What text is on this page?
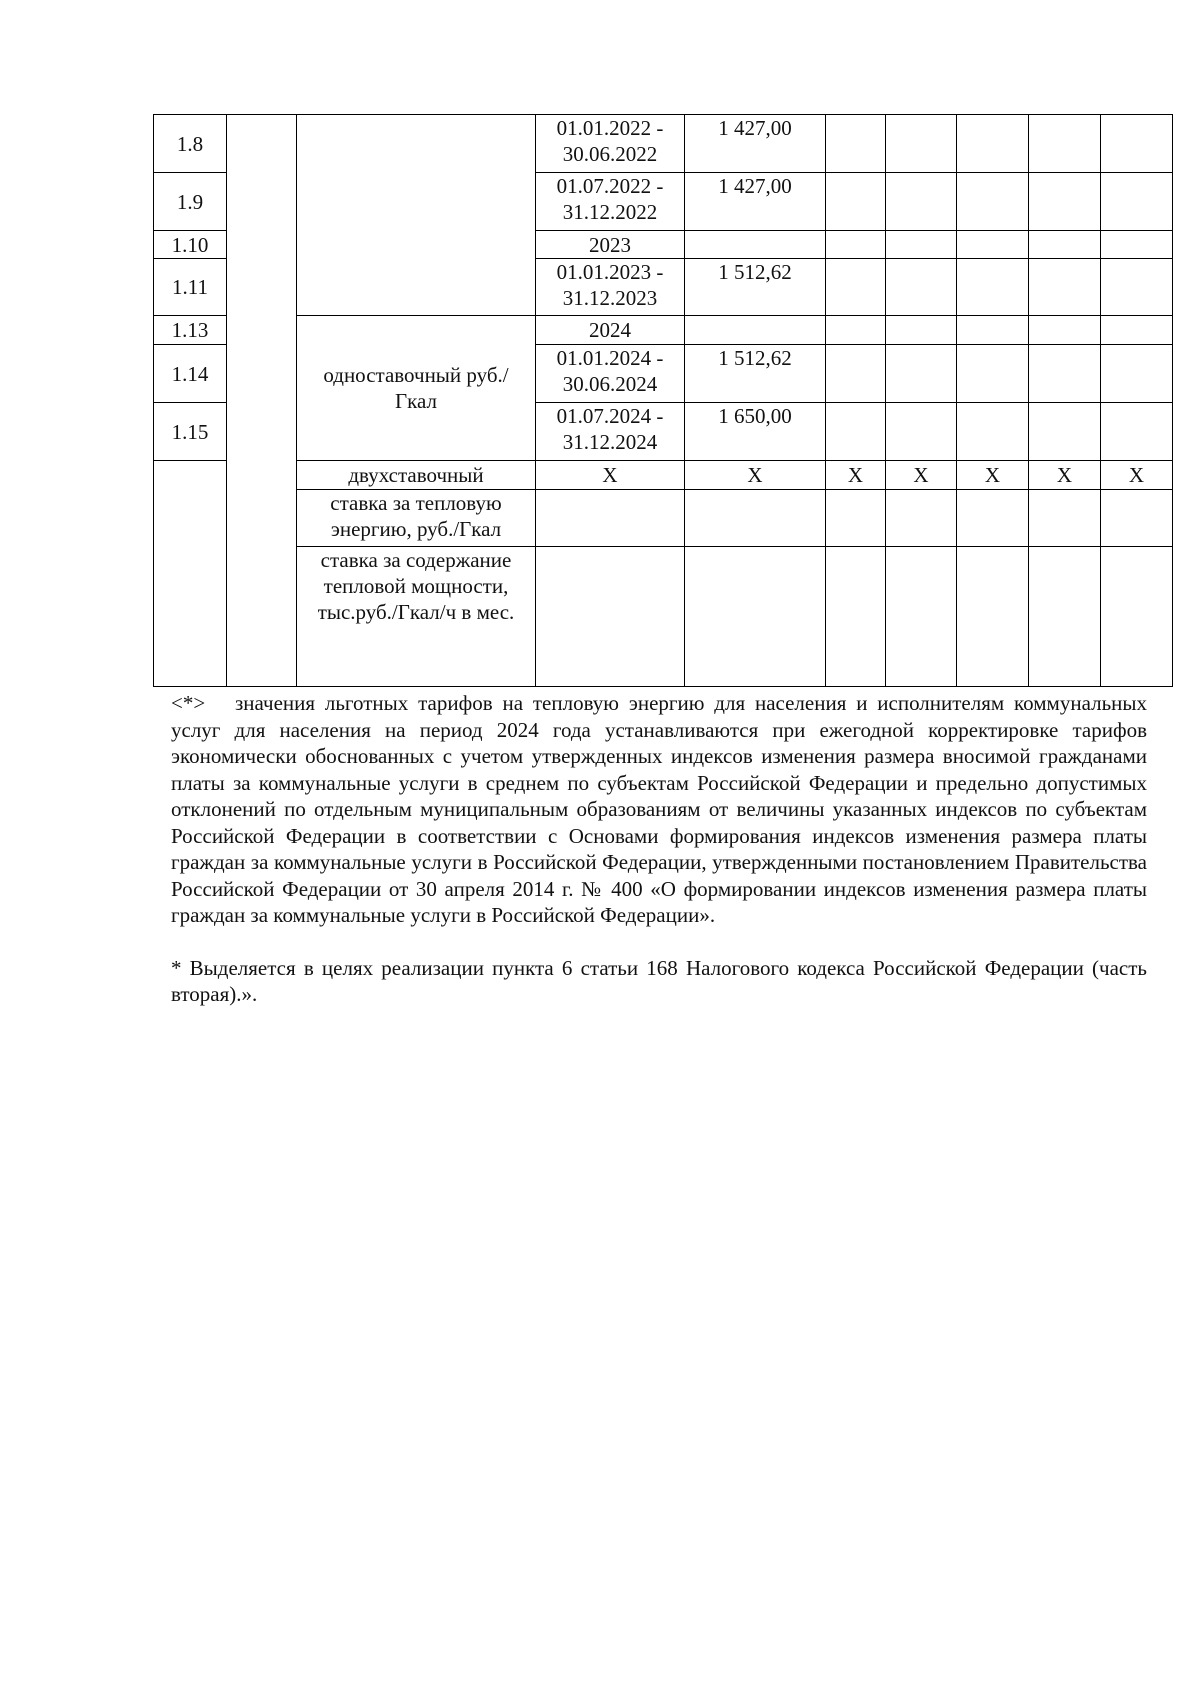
1.8			01.01.2022 -
30.06.2022	1 427,00					
1.9			01.07.2022 -
31.12.2022	1 427,00					
1.10			2023						
1.11			01.01.2023 -
31.12.2023	1 512,62					
1.13		одноставочный руб./Гкал	2024						
1.14			01.01.2024 -
30.06.2024	1 512,62					
1.15			01.07.2024 -
31.12.2024	1 650,00					
		двухставочный	X	X	X	X	X	X	X
		ставка за тепловую энергию, руб./Гкал							
		ставка за содержание тепловой мощности, тыс.руб./Гкал/ч в мес.							

<*> значения льготных тарифов на тепловую энергию для населения и исполнителям коммунальных услуг для населения на период 2024 года устанавливаются при ежегодной корректировке тарифов экономически обоснованных с учетом утвержденных индексов изменения размера вносимой гражданами платы за коммунальные услуги в среднем по субъектам Российской Федерации и предельно допустимых отклонений по отдельным муниципальным образованиям от величины указанных индексов по субъектам Российской Федерации в соответствии с Основами формирования индексов изменения размера платы граждан за коммунальные услуги в Российской Федерации, утвержденными постановлением Правительства Российской Федерации от 30 апреля 2014 г. № 400 «О формировании индексов изменения размера платы граждан за коммунальные услуги в Российской Федерации».

* Выделяется в целях реализации пункта 6 статьи 168 Налогового кодекса Российской Федерации (часть вторая).».
